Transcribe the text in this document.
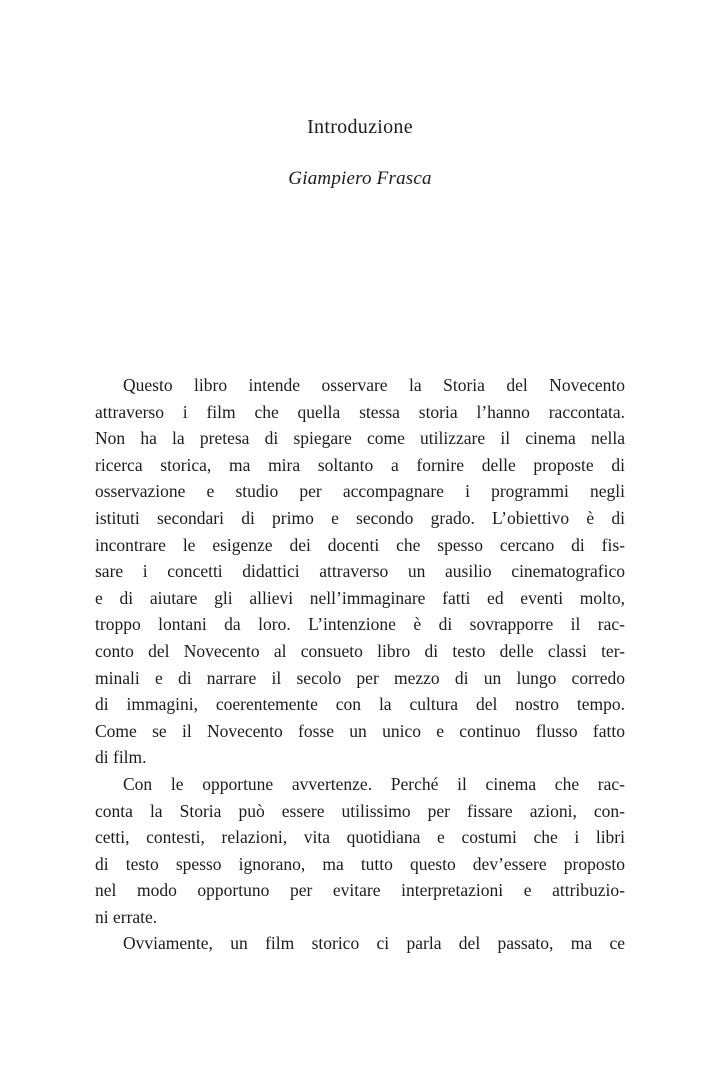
Introduzione
Giampiero Frasca
Questo libro intende osservare la Storia del Novecento
attraverso i film che quella stessa storia l’hanno raccontata.
Non ha la pretesa di spiegare come utilizzare il cinema nella
ricerca storica, ma mira soltanto a fornire delle proposte di
osservazione e studio per accompagnare i programmi negli
istituti secondari di primo e secondo grado. L’obiettivo è di
incontrare le esigenze dei docenti che spesso cercano di fis-
sare i concetti didattici attraverso un ausilio cinematografico
e di aiutare gli allievi nell’immaginare fatti ed eventi molto,
troppo lontani da loro. L’intenzione è di sovrapporre il rac-
conto del Novecento al consueto libro di testo delle classi ter-
minali e di narrare il secolo per mezzo di un lungo corredo
di immagini, coerentemente con la cultura del nostro tempo.
Come se il Novecento fosse un unico e continuo flusso fatto
di film.
Con le opportune avvertenze. Perché il cinema che rac-
conta la Storia può essere utilissimo per fissare azioni, con-
cetti, contesti, relazioni, vita quotidiana e costumi che i libri
di testo spesso ignorano, ma tutto questo dev’essere proposto
nel modo opportuno per evitare interpretazioni e attribuzio-
ni errate.
Ovviamente, un film storico ci parla del passato, ma ce
